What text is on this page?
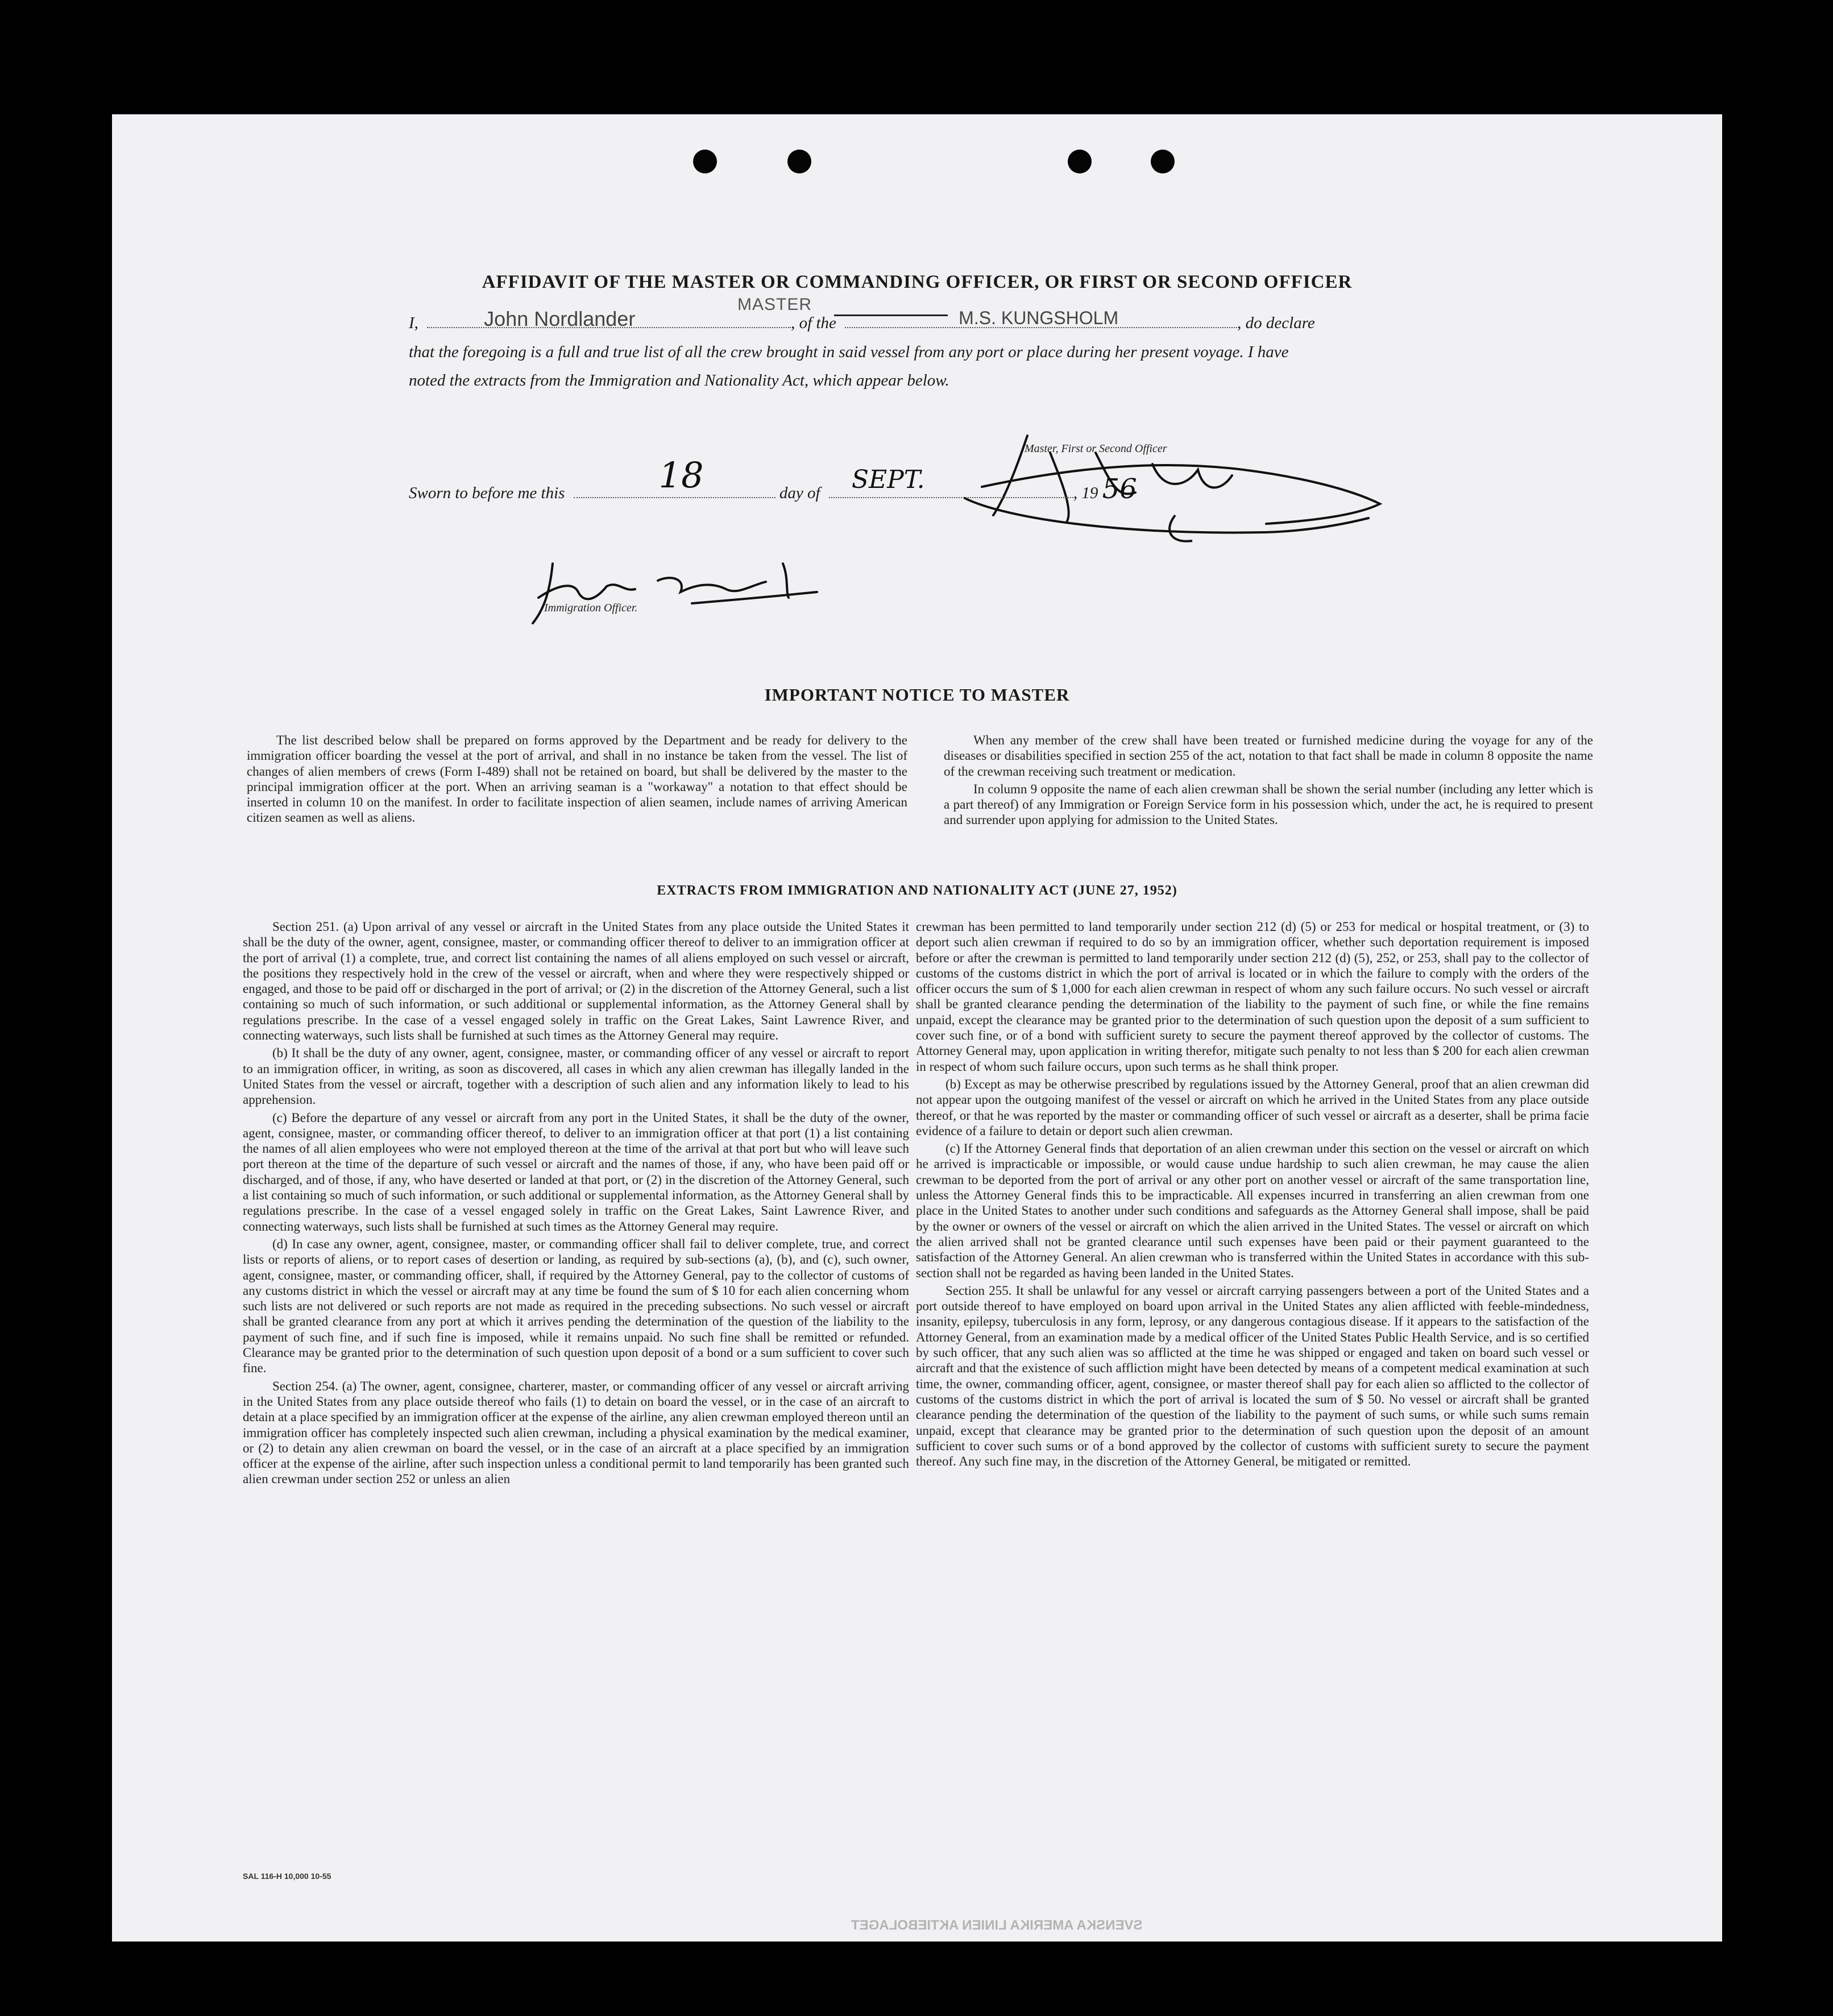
AFFIDAVIT OF THE MASTER OR COMMANDING OFFICER, OR FIRST OR SECOND OFFICER
I,	John Nordlander	, of the	M.S. KUNGSHOLM	, do declare
MASTER
that the foregoing is a full and true list of all the crew brought in said vessel from any port or place during her present voyage. I have
noted the extracts from the Immigration and Nationality Act, which appear below.
Master, First or Second Officer
Sworn to before me this	18	day of SEPT.	, 19 56
Immigration Officer.
IMPORTANT NOTICE TO MASTER

The list described below shall be prepared on forms approved by the Department and be ready for delivery to the immigration officer boarding the vessel at the port of arrival, and shall in no instance be taken from the vessel. The list of changes of alien members of crews (Form I-489) shall not be retained on board, but shall be delivered by the master to the principal immigration officer at the port. When an arriving seaman is a "workaway" a notation to that effect should be inserted in column 10 on the manifest. In order to facilitate inspection of alien seamen, include names of arriving American citizen seamen as well as aliens.

When any member of the crew shall have been treated or furnished medicine during the voyage for any of the diseases or disabilities specified in section 255 of the act, notation to that fact shall be made in column 8 opposite the name of the crewman receiving such treatment or medication.

In column 9 opposite the name of each alien crewman shall be shown the serial number (including any letter which is a part thereof) of any Immigration or Foreign Service form in his possession which, under the act, he is required to present and surrender upon applying for admission to the United States.

EXTRACTS FROM IMMIGRATION AND NATIONALITY ACT (JUNE 27, 1952)

Section 251. (a) Upon arrival of any vessel or aircraft in the United States from any place outside the United States it shall be the duty of the owner, agent, consignee, master, or commanding officer thereof to deliver to an immigration officer at the port of arrival (1) a complete, true, and correct list containing the names of all aliens employed on such vessel or aircraft, the positions they respectively hold in the crew of the vessel or aircraft, when and where they were respectively shipped or engaged, and those to be paid off or discharged in the port of arrival; or (2) in the discretion of the Attorney General, such a list containing so much of such information, or such additional or supplemental information, as the Attorney General shall by regulations prescribe. In the case of a vessel engaged solely in traffic on the Great Lakes, Saint Lawrence River, and connecting waterways, such lists shall be furnished at such times as the Attorney General may require.

(b) It shall be the duty of any owner, agent, consignee, master, or commanding officer of any vessel or aircraft to report to an immigration officer, in writing, as soon as discovered, all cases in which any alien crewman has illegally landed in the United States from the vessel or aircraft, together with a description of such alien and any information likely to lead to his apprehension.

(c) Before the departure of any vessel or aircraft from any port in the United States, it shall be the duty of the owner, agent, consignee, master, or commanding officer thereof, to deliver to an immigration officer at that port (1) a list containing the names of all alien employees who were not employed thereon at the time of the arrival at that port but who will leave such port thereon at the time of the departure of such vessel or aircraft and the names of those, if any, who have been paid off or discharged, and of those, if any, who have deserted or landed at that port, or (2) in the discretion of the Attorney General, such a list containing so much of such information, or such additional or supplemental information, as the Attorney General shall by regulations prescribe. In the case of a vessel engaged solely in traffic on the Great Lakes, Saint Lawrence River, and connecting waterways, such lists shall be furnished at such times as the Attorney General may require.

(d) In case any owner, agent, consignee, master, or commanding officer shall fail to deliver complete, true, and correct lists or reports of aliens, or to report cases of desertion or landing, as required by sub-sections (a), (b), and (c), such owner, agent, consignee, master, or commanding officer, shall, if required by the Attorney General, pay to the collector of customs of any customs district in which the vessel or aircraft may at any time be found the sum of $ 10 for each alien concerning whom such lists are not delivered or such reports are not made as required in the preceding subsections. No such vessel or aircraft shall be granted clearance from any port at which it arrives pending the determination of the question of the liability to the payment of such fine, and if such fine is imposed, while it remains unpaid. No such fine shall be remitted or refunded. Clearance may be granted prior to the determination of such question upon deposit of a bond or a sum sufficient to cover such fine.

Section 254. (a) The owner, agent, consignee, charterer, master, or commanding officer of any vessel or aircraft arriving in the United States from any place outside thereof who fails (1) to detain on board the vessel, or in the case of an aircraft to detain at a place specified by an immigration officer at the expense of the airline, any alien crewman employed thereon until an immigration officer has completely inspected such alien crewman, including a physical examination by the medical examiner, or (2) to detain any alien crewman on board the vessel, or in the case of an aircraft at a place specified by an immigration officer at the expense of the airline, after such inspection unless a conditional permit to land temporarily has been granted such alien crewman under section 252 or unless an alien

crewman has been permitted to land temporarily under section 212 (d) (5) or 253 for medical or hospital treatment, or (3) to deport such alien crewman if required to do so by an immigration officer, whether such deportation requirement is imposed before or after the crewman is permitted to land temporarily under section 212 (d) (5), 252, or 253, shall pay to the collector of customs of the customs district in which the port of arrival is located or in which the failure to comply with the orders of the officer occurs the sum of $ 1,000 for each alien crewman in respect of whom any such failure occurs. No such vessel or aircraft shall be granted clearance pending the determination of the liability to the payment of such fine, or while the fine remains unpaid, except the clearance may be granted prior to the determination of such question upon the deposit of a sum sufficient to cover such fine, or of a bond with sufficient surety to secure the payment thereof approved by the collector of customs. The Attorney General may, upon application in writing therefor, mitigate such penalty to not less than $ 200 for each alien crewman in respect of whom such failure occurs, upon such terms as he shall think proper.

(b) Except as may be otherwise prescribed by regulations issued by the Attorney General, proof that an alien crewman did not appear upon the outgoing manifest of the vessel or aircraft on which he arrived in the United States from any place outside thereof, or that he was reported by the master or commanding officer of such vessel or aircraft as a deserter, shall be prima facie evidence of a failure to detain or deport such alien crewman.

(c) If the Attorney General finds that deportation of an alien crewman under this section on the vessel or aircraft on which he arrived is impracticable or impossible, or would cause undue hardship to such alien crewman, he may cause the alien crewman to be deported from the port of arrival or any other port on another vessel or aircraft of the same transportation line, unless the Attorney General finds this to be impracticable. All expenses incurred in transferring an alien crewman from one place in the United States to another under such conditions and safeguards as the Attorney General shall impose, shall be paid by the owner or owners of the vessel or aircraft on which the alien arrived in the United States. The vessel or aircraft on which the alien arrived shall not be granted clearance until such expenses have been paid or their payment guaranteed to the satisfaction of the Attorney General. An alien crewman who is transferred within the United States in accordance with this sub-section shall not be regarded as having been landed in the United States.

Section 255. It shall be unlawful for any vessel or aircraft carrying passengers between a port of the United States and a port outside thereof to have employed on board upon arrival in the United States any alien afflicted with feeble-mindedness, insanity, epilepsy, tuberculosis in any form, leprosy, or any dangerous contagious disease. If it appears to the satisfaction of the Attorney General, from an examination made by a medical officer of the United States Public Health Service, and is so certified by such officer, that any such alien was so afflicted at the time he was shipped or engaged and taken on board such vessel or aircraft and that the existence of such affliction might have been detected by means of a competent medical examination at such time, the owner, commanding officer, agent, consignee, or master thereof shall pay for each alien so afflicted to the collector of customs of the customs district in which the port of arrival is located the sum of $ 50. No vessel or aircraft shall be granted clearance pending the determination of the question of the liability to the payment of such sums, or while such sums remain unpaid, except that clearance may be granted prior to the determination of such question upon the deposit of an amount sufficient to cover such sums or of a bond approved by the collector of customs with sufficient surety to secure the payment thereof. Any such fine may, in the discretion of the Attorney General, be mitigated or remitted.

SAL 116-H 10,000 10-55
SVENSKA AMERIKA LINIEN AKTIEBOLAGET
